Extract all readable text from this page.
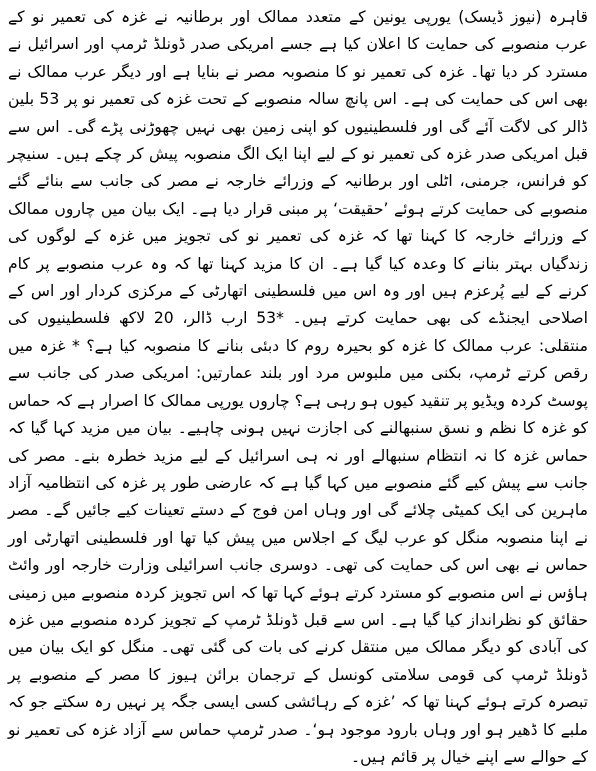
قاہرہ (نیوز ڈیسک) یورپی یونین کے متعدد ممالک اور برطانیہ نے غزہ کی تعمیر نو کے عرب منصوبے کی حمایت کا اعلان کیا ہے جسے امریکی صدر ڈونلڈ ٹرمپ اور اسرائیل نے مسترد کر دیا تھا۔ غزہ کی تعمیر نو کا منصوبہ مصر نے بنایا ہے اور دیگر عرب ممالک نے بھی اس کی حمایت کی ہے۔ اس پانچ سالہ منصوبے کے تحت غزہ کی تعمیر نو پر 53 بلین ڈالر کی لاگت آئے گی اور فلسطینیوں کو اپنی زمین بھی نہیں چھوڑنی پڑے گی۔ اس سے قبل امریکی صدر غزہ کی تعمیر نو کے لیے اپنا ایک الگ منصوبہ پیش کر چکے ہیں۔ سنیچر کو فرانس، جرمنی، اٹلی اور برطانیہ کے وزرائے خارجہ نے مصر کی جانب سے بنائے گئے منصوبے کی حمایت کرتے ہوئے ’حقیقت‘ پر مبنی قرار دیا ہے۔ ایک بیان میں چاروں ممالک کے وزرائے خارجہ کا کہنا تھا کہ غزہ کی تعمیر نو کی تجویز میں غزہ کے لوگوں کی زندگیاں بہتر بنانے کا وعدہ کیا گیا ہے۔ ان کا مزید کہنا تھا کہ وہ عرب منصوبے پر کام کرنے کے لیے پُرعزم ہیں اور وہ اس میں فلسطینی اتھارٹی کے مرکزی کردار اور اس کے اصلاحی ایجنڈے کی بھی حمایت کرتے ہیں۔ *53 ارب ڈالر، 20 لاکھ فلسطینیوں کی منتقلی: عرب ممالک کا غزہ کو بحیرہ روم کا دبئی بنانے کا منصوبہ کیا ہے؟ * غزہ میں رقص کرتے ٹرمپ، بکنی میں ملبوس مرد اور بلند عمارتیں: امریکی صدر کی جانب سے پوسٹ کردہ ویڈیو پر تنقید کیوں ہو رہی ہے؟ چاروں یورپی ممالک کا اصرار ہے کہ حماس کو غزہ کا نظم و نسق سنبھالنے کی اجازت نہیں ہونی چاہیے۔ بیان میں مزید کہا گیا کہ حماس غزہ کا نہ انتظام سنبھالے اور نہ ہی اسرائیل کے لیے مزید خطرہ بنے۔ مصر کی جانب سے پیش کیے گئے منصوبے میں کہا گیا ہے کہ عارضی طور پر غزہ کی انتظامیہ آزاد ماہرین کی ایک کمیٹی چلائے گی اور وہاں امن فوج کے دستے تعینات کیے جائیں گے۔ مصر نے اپنا منصوبہ منگل کو عرب لیگ کے اجلاس میں پیش کیا تھا اور فلسطینی اتھارٹی اور حماس نے بھی اس کی حمایت کی تھی۔ دوسری جانب اسرائیلی وزارت خارجہ اور وائٹ ہاؤس نے اس منصوبے کو مسترد کرتے ہوئے کہا تھا کہ اس تجویز کردہ منصوبے میں زمینی حقائق کو نظرانداز کیا گیا ہے۔ اس سے قبل ڈونلڈ ٹرمپ کے تجویز کردہ منصوبے میں غزہ کی آبادی کو دیگر ممالک میں منتقل کرنے کی بات کی گئی تھی۔ منگل کو ایک بیان میں ڈونلڈ ٹرمپ کی قومی سلامتی کونسل کے ترجمان برائن ہیوز کا مصر کے منصوبے پر تبصرہ کرتے ہوئے کہنا تھا کہ ’غزہ کے رہائشی کسی ایسی جگہ پر نہیں رہ سکتے جو کہ ملبے کا ڈھیر ہو اور وہاں بارود موجود ہو‘۔ صدر ٹرمپ حماس سے آزاد غزہ کی تعمیر نو کے حوالے سے اپنے خیال پر قائم ہیں۔
